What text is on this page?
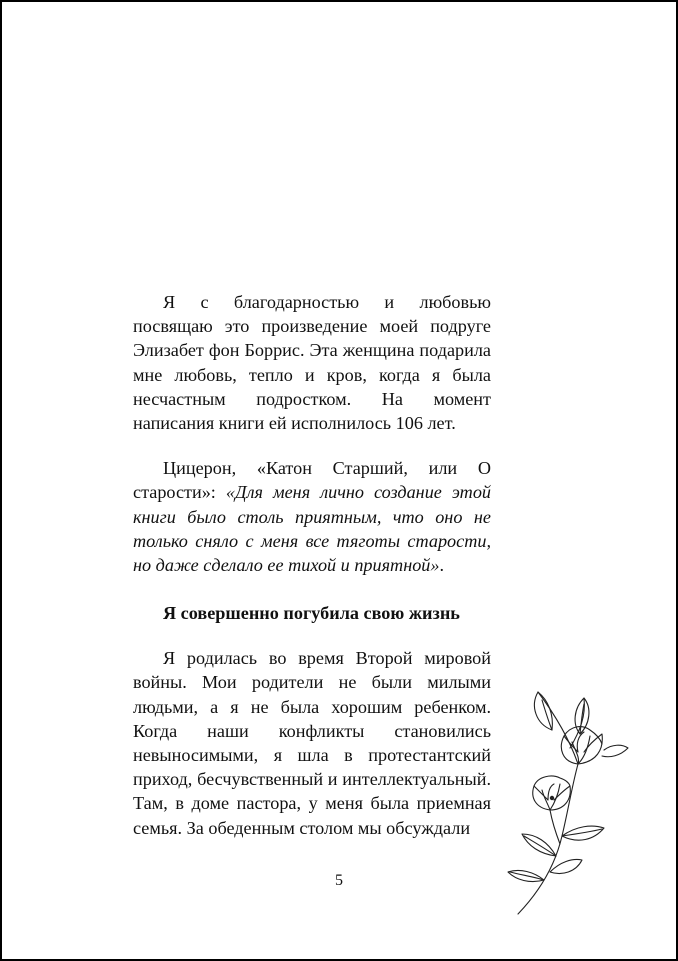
Я с благодарностью и любовью посвящаю это произведение моей подруге Элизабет фон Боррис. Эта женщина подарила мне любовь, тепло и кров, когда я была несчастным подростком. На момент написания книги ей исполнилось 106 лет.

Цицерон, «Катон Старший, или О старости»: «Для меня лично создание этой книги было столь приятным, что оно не только сняло с меня все тяготы старости, но даже сделало ее тихой и приятной».

Я совершенно погубила свою жизнь

Я родилась во время Второй мировой войны. Мои родители не были милыми людьми, а я не была хорошим ребенком. Когда наши конфликты становились невыносимыми, я шла в протестантский приход, бесчувственный и интеллектуальный. Там, в доме пастора, у меня была приемная семья. За обеденным столом мы обсуждали

5
